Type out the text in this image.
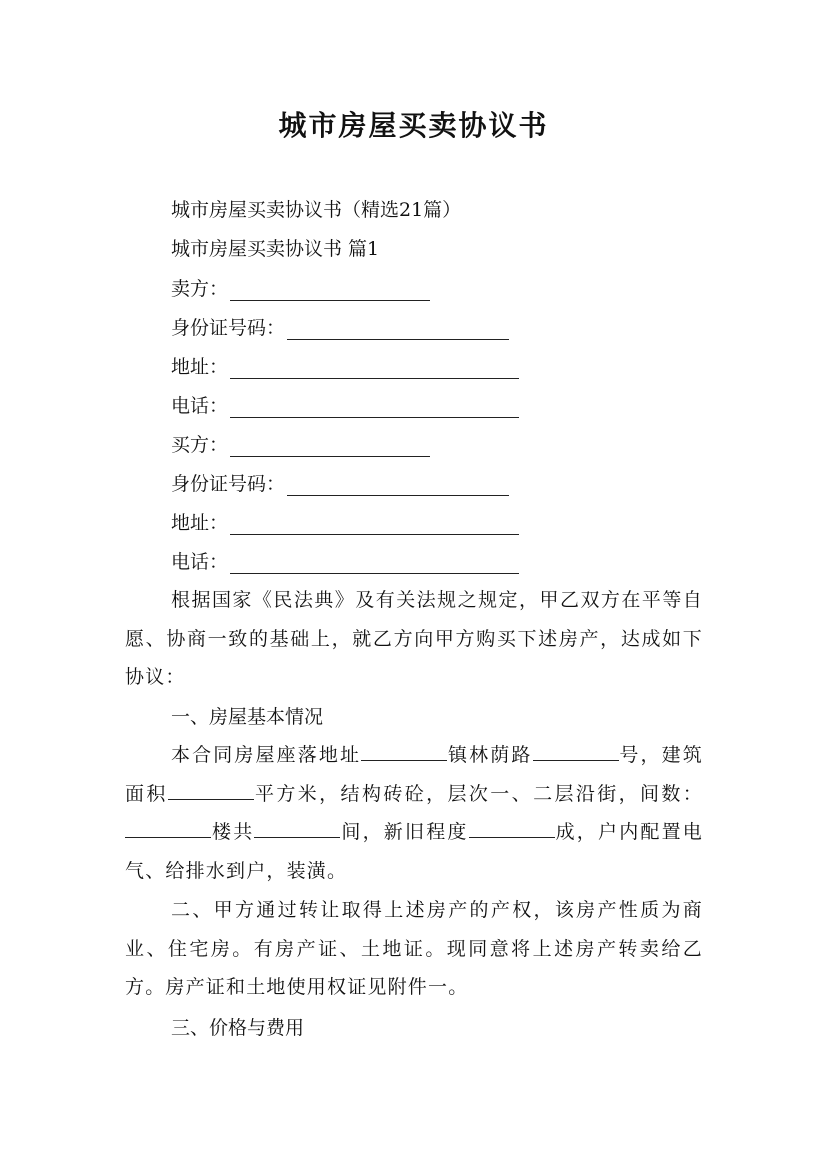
城市房屋买卖协议书
城市房屋买卖协议书（精选21篇）
城市房屋买卖协议书 篇1
卖方：
身份证号码：
地址：
电话：
买方：
身份证号码：
地址：
电话：
根据国家《民法典》及有关法规之规定，甲乙双方在平等自愿、协商一致的基础上，就乙方向甲方购买下述房产，达成如下协议：
一、房屋基本情况
本合同房屋座落地址	镇林荫路	号，建筑面积	平方米，结构砖砼，层次一、二层沿街，间数：楼共	间，新旧程度	成，户内配置电气、给排水到户，装潢。
二、甲方通过转让取得上述房产的产权，该房产性质为商业、住宅房。有房产证、土地证。现同意将上述房产转卖给乙方。房产证和土地使用权证见附件一。
三、价格与费用
